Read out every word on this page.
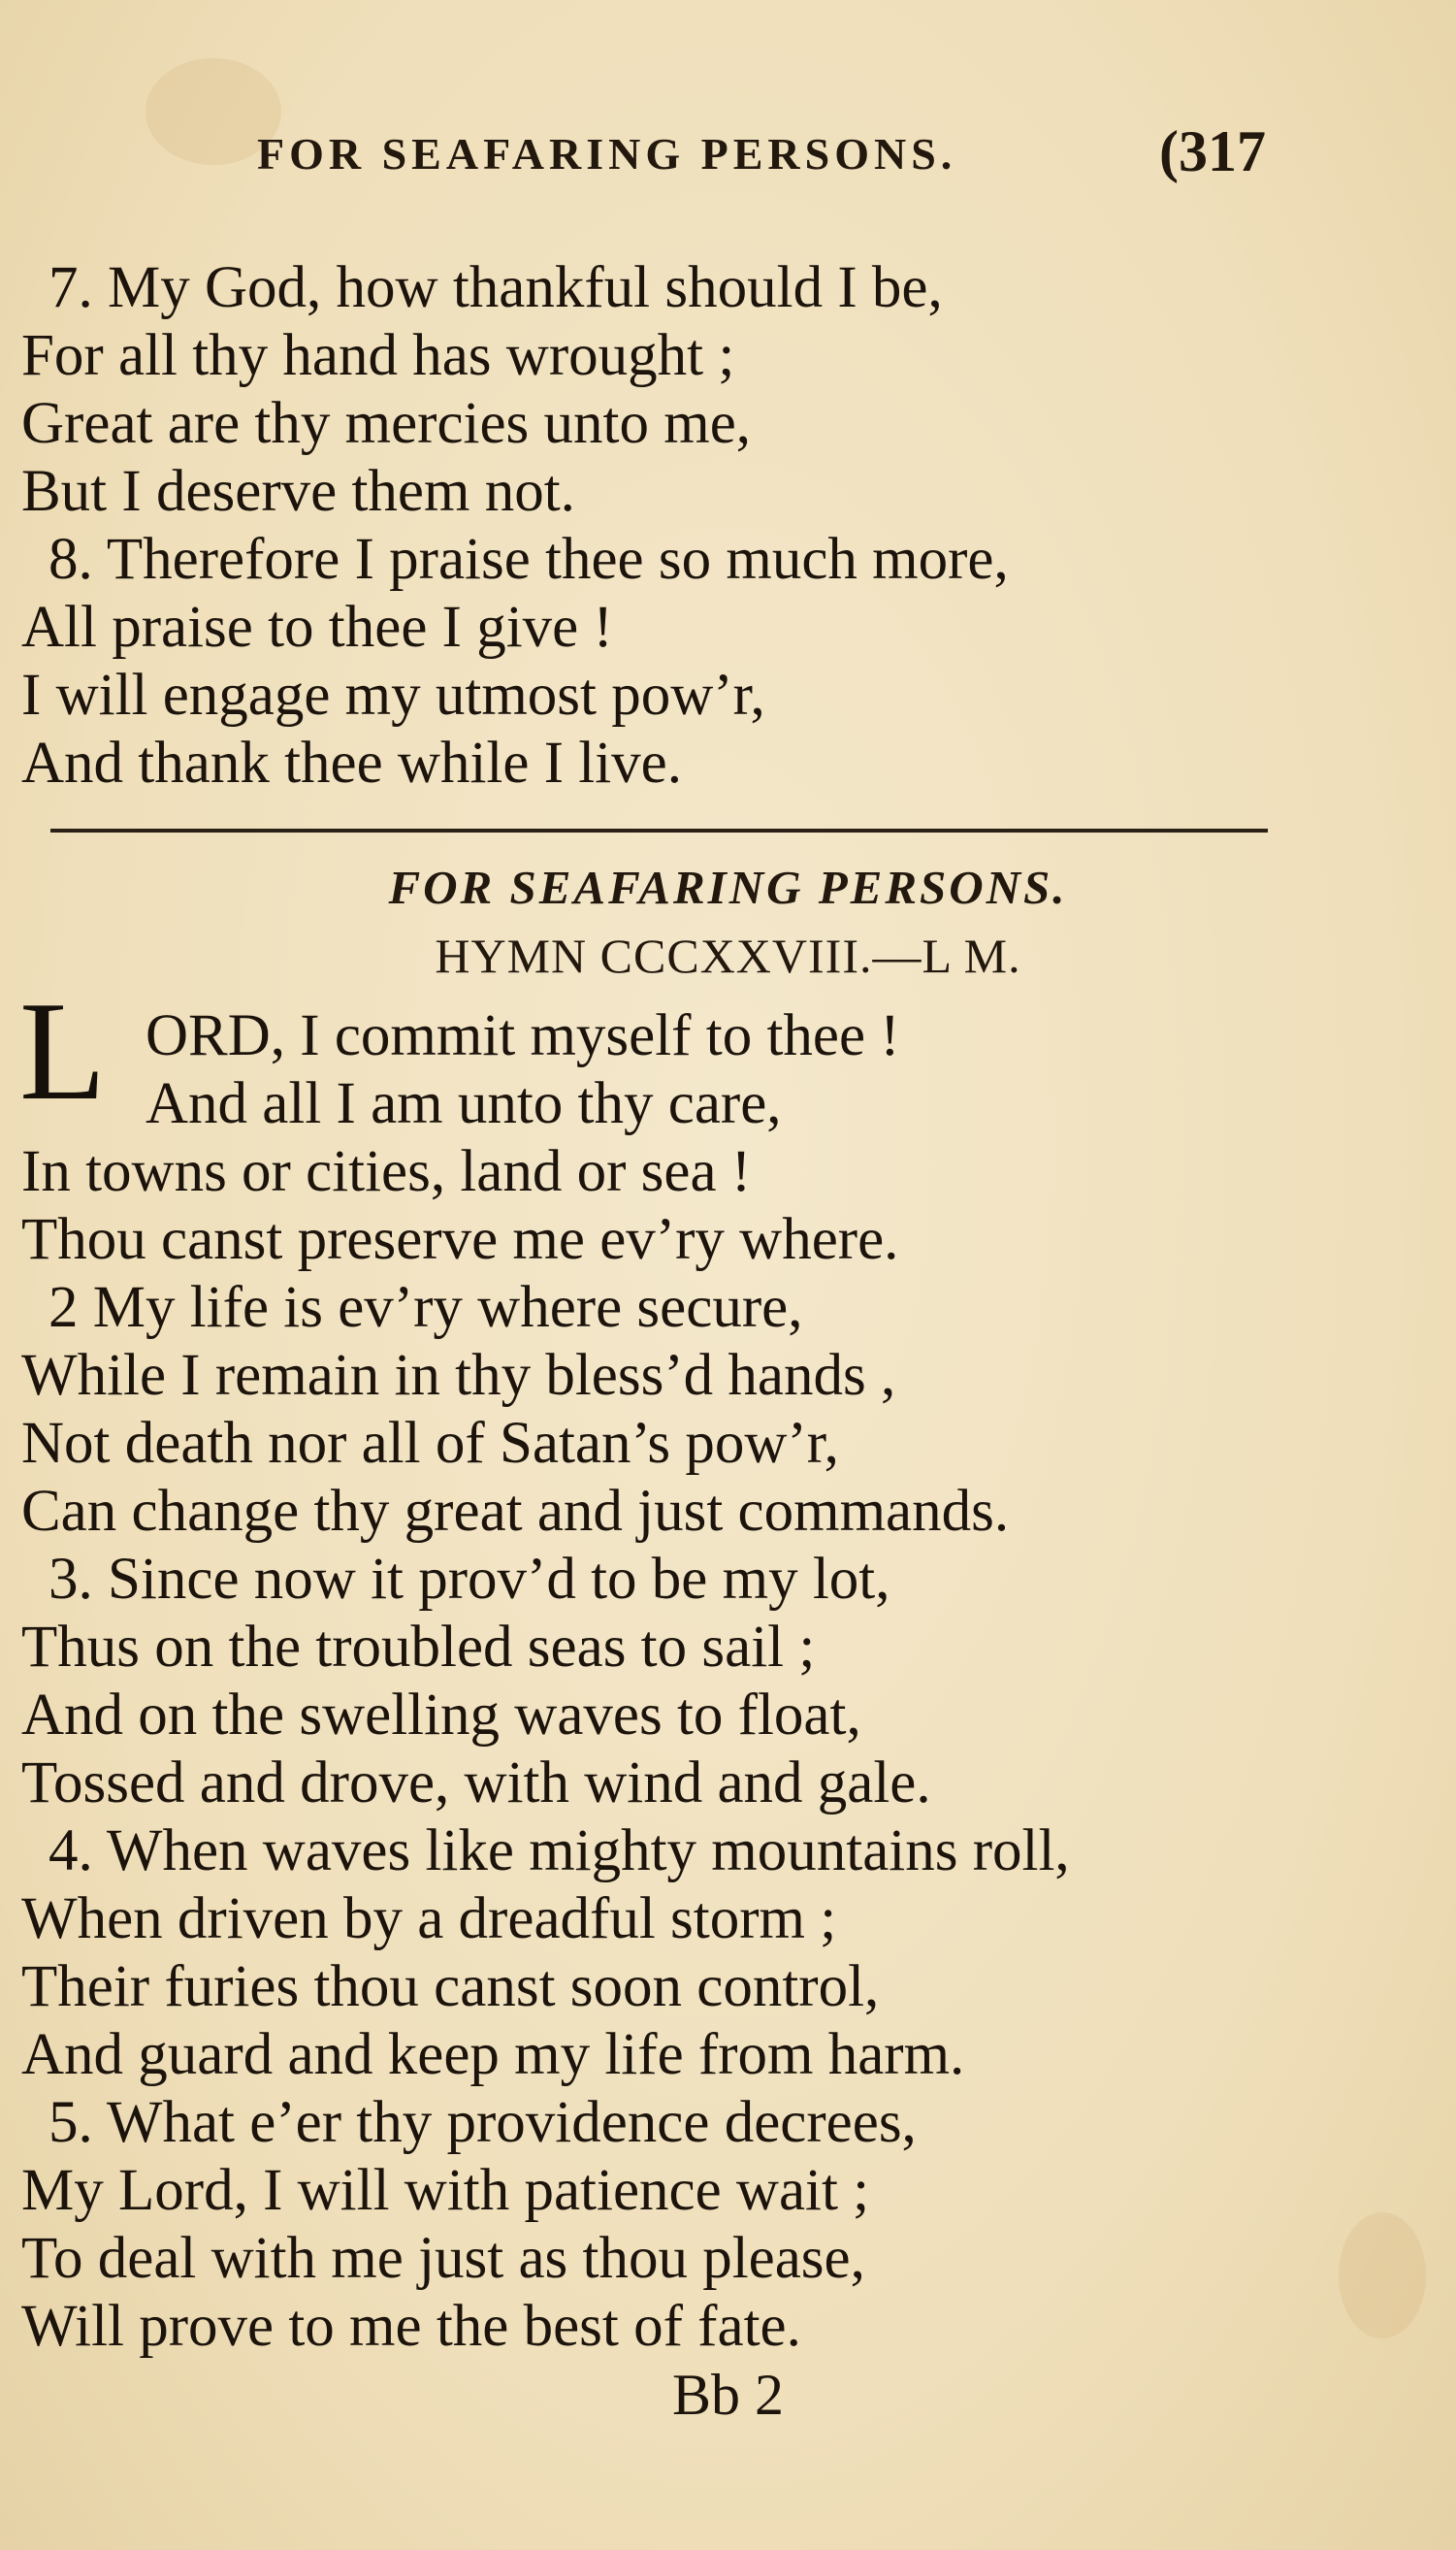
FOR SEAFARING PERSONS.	(317
7. My God, how thankful should I be,
For all thy hand has wrought ;
Great are thy mercies unto me,
But I deserve them not.
8. Therefore I praise thee so much more,
All praise to thee I give !
I will engage my utmost pow’r,
And thank thee while I live.
FOR SEAFARING PERSONS.
HYMN CCCXXVIII.—L M.
L ORD, I commit myself to thee !
And all I am unto thy care,
In towns or cities, land or sea !
Thou canst preserve me ev’ry where.
2 My life is ev’ry where secure,
While I remain in thy bless’d hands ,
Not death nor all of Satan’s pow’r,
Can change thy great and just commands.
3. Since now it prov’d to be my lot,
Thus on the troubled seas to sail ;
And on the swelling waves to float,
Tossed and drove, with wind and gale.
4. When waves like mighty mountains roll,
When driven by a dreadful storm ;
Their furies thou canst soon control,
And guard and keep my life from harm.
5. What e’er thy providence decrees,
My Lord, I will with patience wait ;
To deal with me just as thou please,
Will prove to me the best of fate.
Bb 2
